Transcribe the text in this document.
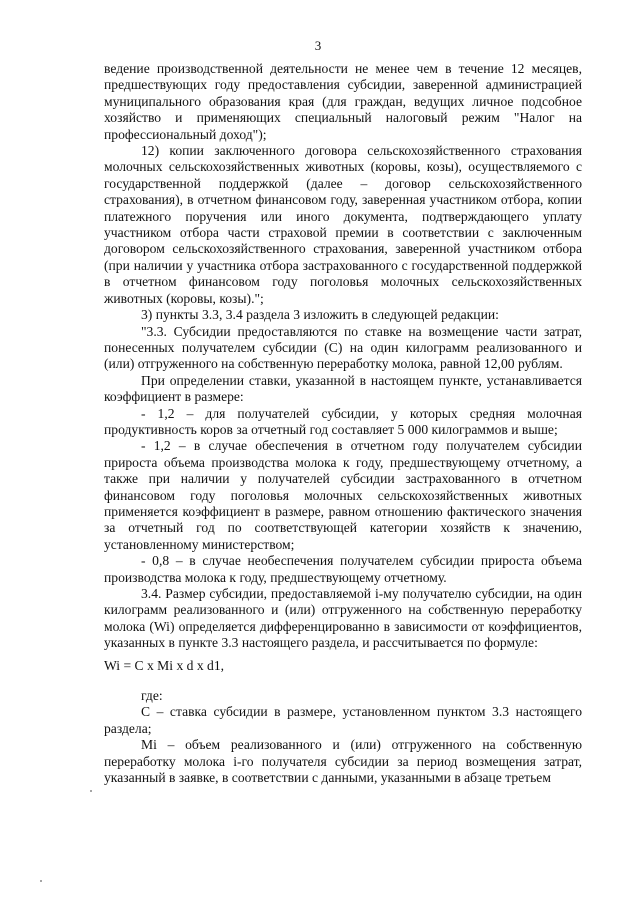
3

ведение производственной деятельности не менее чем в течение 12 месяцев, предшествующих году предоставления субсидии, заверенной администрацией муниципального образования края (для граждан, ведущих личное подсобное хозяйство и применяющих специальный налоговый режим "Налог на профессиональный доход");

12) копии заключенного договора сельскохозяйственного страхования молочных сельскохозяйственных животных (коровы, козы), осуществляемого с государственной поддержкой (далее – договор сельскохозяйственного страхования), в отчетном финансовом году, заверенная участником отбора, копии платежного поручения или иного документа, подтверждающего уплату участником отбора части страховой премии в соответствии с заключенным договором сельскохозяйственного страхования, заверенной участником отбора (при наличии у участника отбора застрахованного с государственной поддержкой в отчетном финансовом году поголовья молочных сельскохозяйственных животных (коровы, козы).";

3) пункты 3.3, 3.4 раздела 3 изложить в следующей редакции:

"3.3. Субсидии предоставляются по ставке на возмещение части затрат, понесенных получателем субсидии (С) на один килограмм реализованного и (или) отгруженного на собственную переработку молока, равной 12,00 рублям.

При определении ставки, указанной в настоящем пункте, устанавливается коэффициент в размере:

- 1,2 – для получателей субсидии, у которых средняя молочная продуктивность коров за отчетный год составляет 5 000 килограммов и выше;

- 1,2 – в случае обеспечения в отчетном году получателем субсидии прироста объема производства молока к году, предшествующему отчетному, а также при наличии у получателей субсидии застрахованного в отчетном финансовом году поголовья молочных сельскохозяйственных животных применяется коэффициент в размере, равном отношению фактического значения за отчетный год по соответствующей категории хозяйств к значению, установленному министерством;

- 0,8 – в случае необеспечения получателем субсидии прироста объема производства молока к году, предшествующему отчетному.

3.4. Размер субсидии, предоставляемой i-му получателю субсидии, на один килограмм реализованного и (или) отгруженного на собственную переработку молока (Wi) определяется дифференцированно в зависимости от коэффициентов, указанных в пункте 3.3 настоящего раздела, и рассчитывается по формуле:

Wi = C x Mi x d x d1,

где:

C – ставка субсидии в размере, установленном пунктом 3.3 настоящего раздела;

Mi – объем реализованного и (или) отгруженного на собственную переработку молока i-го получателя субсидии за период возмещения затрат, указанный в заявке, в соответствии с данными, указанными в абзаце третьем
